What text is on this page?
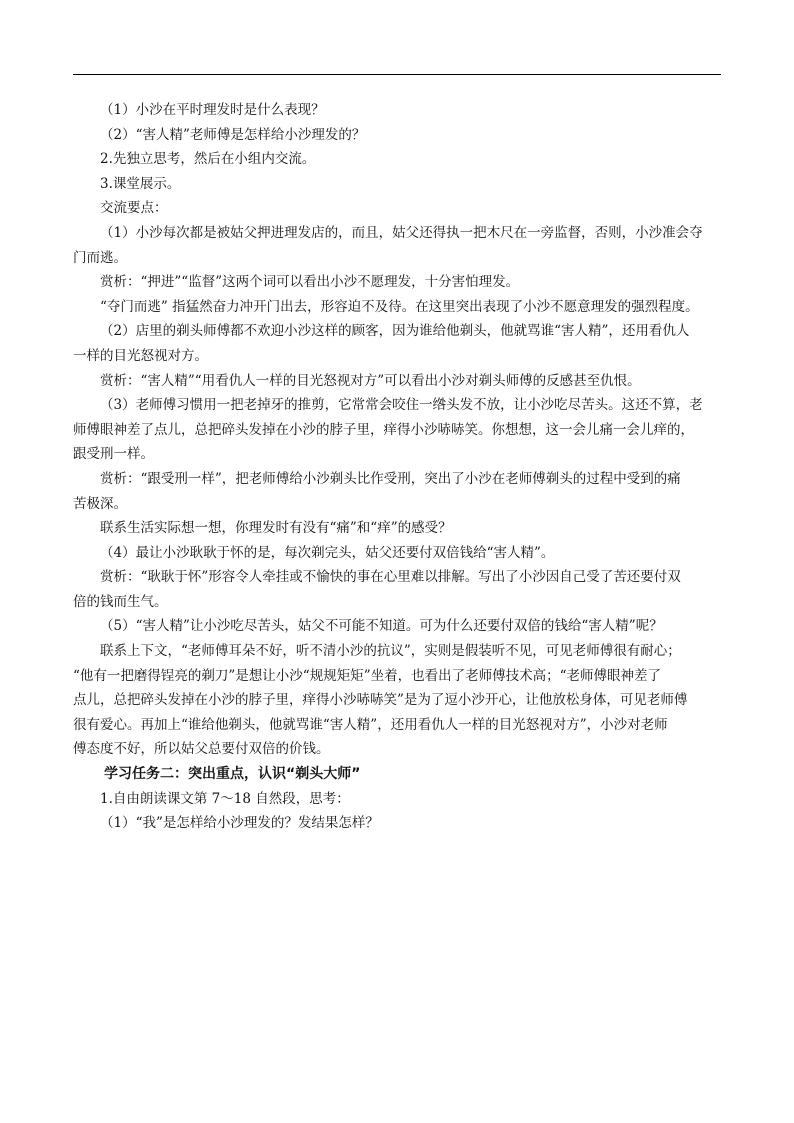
（1）小沙在平时理发时是什么表现？

（2）“害人精”老师傅是怎样给小沙理发的？

2.先独立思考，然后在小组内交流。

3.课堂展示。

交流要点：

（1）小沙每次都是被姑父押进理发店的，而且，姑父还得执一把木尺在一旁监督，否则，小沙准会夺

门而逃。

赏析：“押进”“监督”这两个词可以看出小沙不愿理发，十分害怕理发。

“夺门而逃” 指猛然奋力冲开门出去，形容迫不及待。在这里突出表现了小沙不愿意理发的强烈程度。

（2）店里的剃头师傅都不欢迎小沙这样的顾客，因为谁给他剃头，他就骂谁“害人精”，还用看仇人

一样的目光怒视对方。

赏析：“害人精”“用看仇人一样的目光怒视对方”可以看出小沙对剃头师傅的反感甚至仇恨。

（3）老师傅习惯用一把老掉牙的推剪，它常常会咬住一绺头发不放，让小沙吃尽苦头。这还不算，老

师傅眼神差了点儿，总把碎头发掉在小沙的脖子里，痒得小沙哧哧笑。你想想，这一会儿痛一会儿痒的，

跟受刑一样。

赏析：“跟受刑一样”，把老师傅给小沙剃头比作受刑，突出了小沙在老师傅剃头的过程中受到的痛

苦极深。

联系生活实际想一想，你理发时有没有“痛”和“痒”的感受？

（4）最让小沙耿耿于怀的是，每次剃完头，姑父还要付双倍钱给“害人精”。

赏析：“耿耿于怀”形容令人牵挂或不愉快的事在心里难以排解。写出了小沙因自己受了苦还要付双

倍的钱而生气。

（5）“害人精”让小沙吃尽苦头，姑父不可能不知道。可为什么还要付双倍的钱给“害人精”呢？

联系上下文，“老师傅耳朵不好，听不清小沙的抗议”，实则是假装听不见，可见老师傅很有耐心；

“他有一把磨得锃亮的剃刀”是想让小沙“规规矩矩”坐着，也看出了老师傅技术高；“老师傅眼神差了

点儿，总把碎头发掉在小沙的脖子里，痒得小沙哧哧笑”是为了逗小沙开心，让他放松身体，可见老师傅

很有爱心。再加上“谁给他剃头，他就骂谁“害人精”，还用看仇人一样的目光怒视对方”，小沙对老师

傅态度不好，所以姑父总要付双倍的价钱。

学习任务二：突出重点，认识“剃头大师”

1.自由朗读课文第 7～18 自然段，思考：

（1）“我”是怎样给小沙理发的？发结果怎样？
